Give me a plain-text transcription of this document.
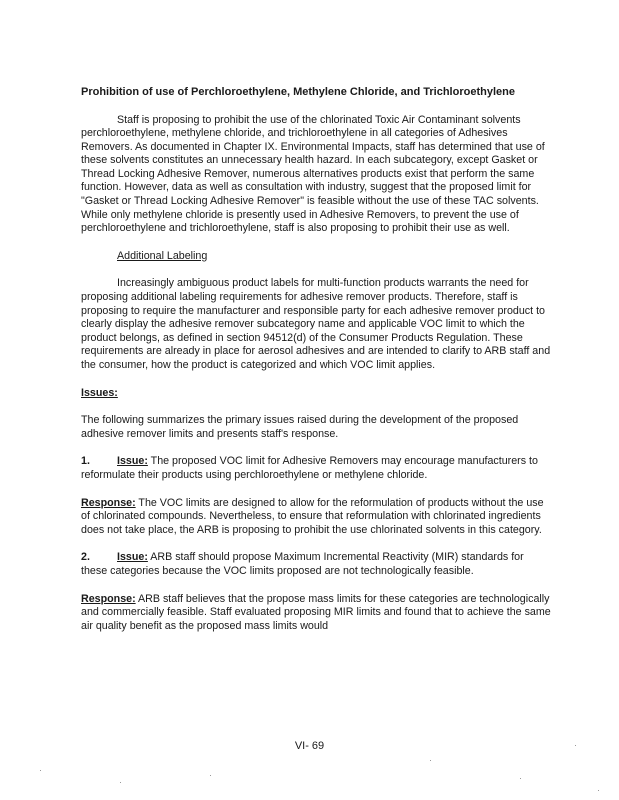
Prohibition of use of Perchloroethylene, Methylene Chloride, and Trichloroethylene

Staff is proposing to prohibit the use of the chlorinated Toxic Air Contaminant solvents perchloroethylene, methylene chloride, and trichloroethylene in all categories of Adhesives Removers. As documented in Chapter IX. Environmental Impacts, staff has determined that use of these solvents constitutes an unnecessary health hazard. In each subcategory, except Gasket or Thread Locking Adhesive Remover, numerous alternatives products exist that perform the same function. However, data as well as consultation with industry, suggest that the proposed limit for "Gasket or Thread Locking Adhesive Remover" is feasible without the use of these TAC solvents. While only methylene chloride is presently used in Adhesive Removers, to prevent the use of perchloroethylene and trichloroethylene, staff is also proposing to prohibit their use as well.

Additional Labeling

Increasingly ambiguous product labels for multi-function products warrants the need for proposing additional labeling requirements for adhesive remover products. Therefore, staff is proposing to require the manufacturer and responsible party for each adhesive remover product to clearly display the adhesive remover subcategory name and applicable VOC limit to which the product belongs, as defined in section 94512(d) of the Consumer Products Regulation. These requirements are already in place for aerosol adhesives and are intended to clarify to ARB staff and the consumer, how the product is categorized and which VOC limit applies.

Issues:

The following summarizes the primary issues raised during the development of the proposed adhesive remover limits and presents staff's response.

1.	Issue: The proposed VOC limit for Adhesive Removers may encourage manufacturers to reformulate their products using perchloroethylene or methylene chloride.

Response: The VOC limits are designed to allow for the reformulation of products without the use of chlorinated compounds. Nevertheless, to ensure that reformulation with chlorinated ingredients does not take place, the ARB is proposing to prohibit the use chlorinated solvents in this category.

2.	Issue: ARB staff should propose Maximum Incremental Reactivity (MIR) standards for these categories because the VOC limits proposed are not technologically feasible.

Response: ARB staff believes that the propose mass limits for these categories are technologically and commercially feasible. Staff evaluated proposing MIR limits and found that to achieve the same air quality benefit as the proposed mass limits would

VI- 69
